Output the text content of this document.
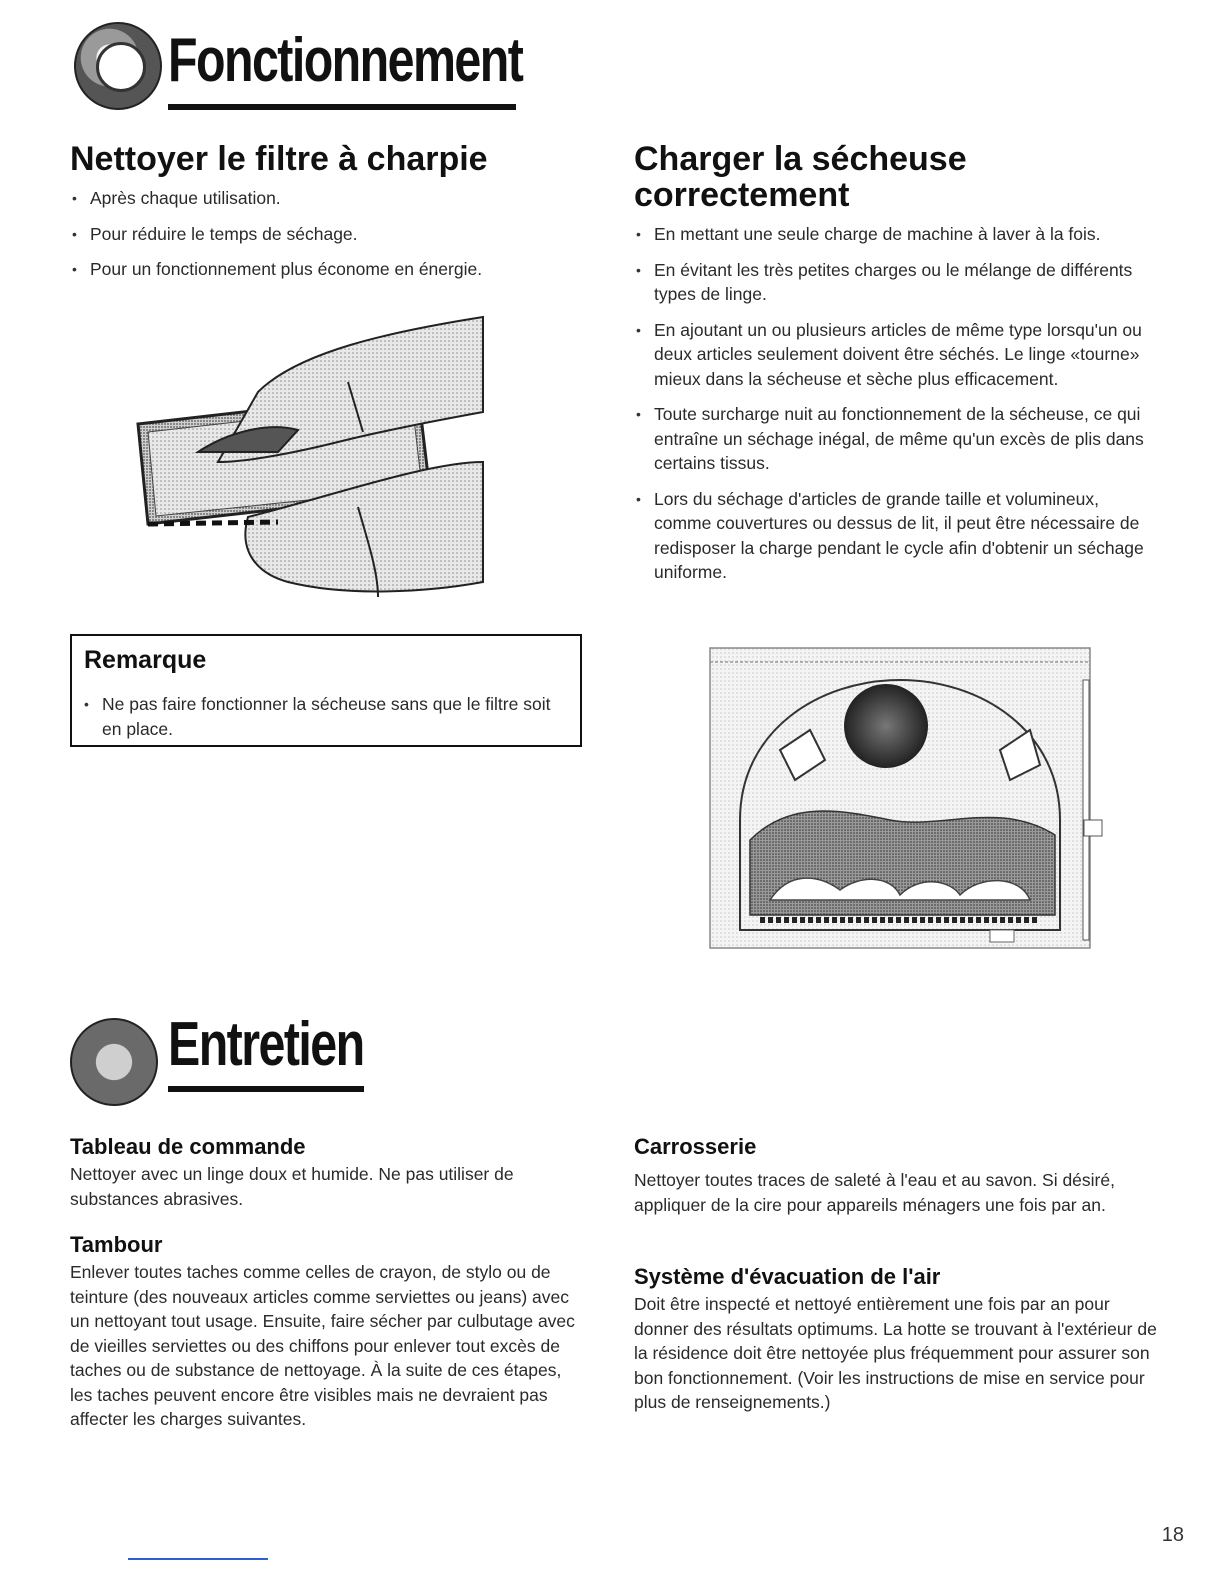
Fonctionnement
Nettoyer le filtre à charpie
• Après chaque utilisation.
• Pour réduire le temps de séchage.
• Pour un fonctionnement plus économe en énergie.
Remarque
• Ne pas faire fonctionner la sécheuse sans que le filtre soit en place.
Charger la sécheuse
correctement
• En mettant une seule charge de machine à laver à la fois.
• En évitant les très petites charges ou le mélange de différents types de linge.
• En ajoutant un ou plusieurs articles de même type lorsqu'un ou deux articles seulement doivent être séchés. Le linge «tourne» mieux dans la sécheuse et sèche plus efficacement.
• Toute surcharge nuit au fonctionnement de la sécheuse, ce qui entraîne un séchage inégal, de même qu'un excès de plis dans certains tissus.
• Lors du séchage d'articles de grande taille et volumineux, comme couvertures ou dessus de lit, il peut être nécessaire de redisposer la charge pendant le cycle afin d'obtenir un séchage uniforme.
Entretien
Tableau de commande

Nettoyer avec un linge doux et humide. Ne pas utiliser de substances abrasives.

Tambour

Enlever toutes taches comme celles de crayon, de stylo ou de teinture (des nouveaux articles comme serviettes ou jeans) avec un nettoyant tout usage. Ensuite, faire sécher par culbutage avec de vieilles serviettes ou des chiffons pour enlever tout excès de taches ou de substance de nettoyage. À la suite de ces étapes, les taches peuvent encore être visibles mais ne devraient pas affecter les charges suivantes.

Carrosserie

Nettoyer toutes traces de saleté à l'eau et au savon. Si désiré, appliquer de la cire pour appareils ménagers une fois par an.

Système d'évacuation de l'air

Doit être inspecté et nettoyé entièrement une fois par an pour donner des résultats optimums. La hotte se trouvant à l'extérieur de la résidence doit être nettoyée plus fréquemment pour assurer son bon fonctionnement. (Voir les instructions de mise en service pour plus de renseignements.)

18
